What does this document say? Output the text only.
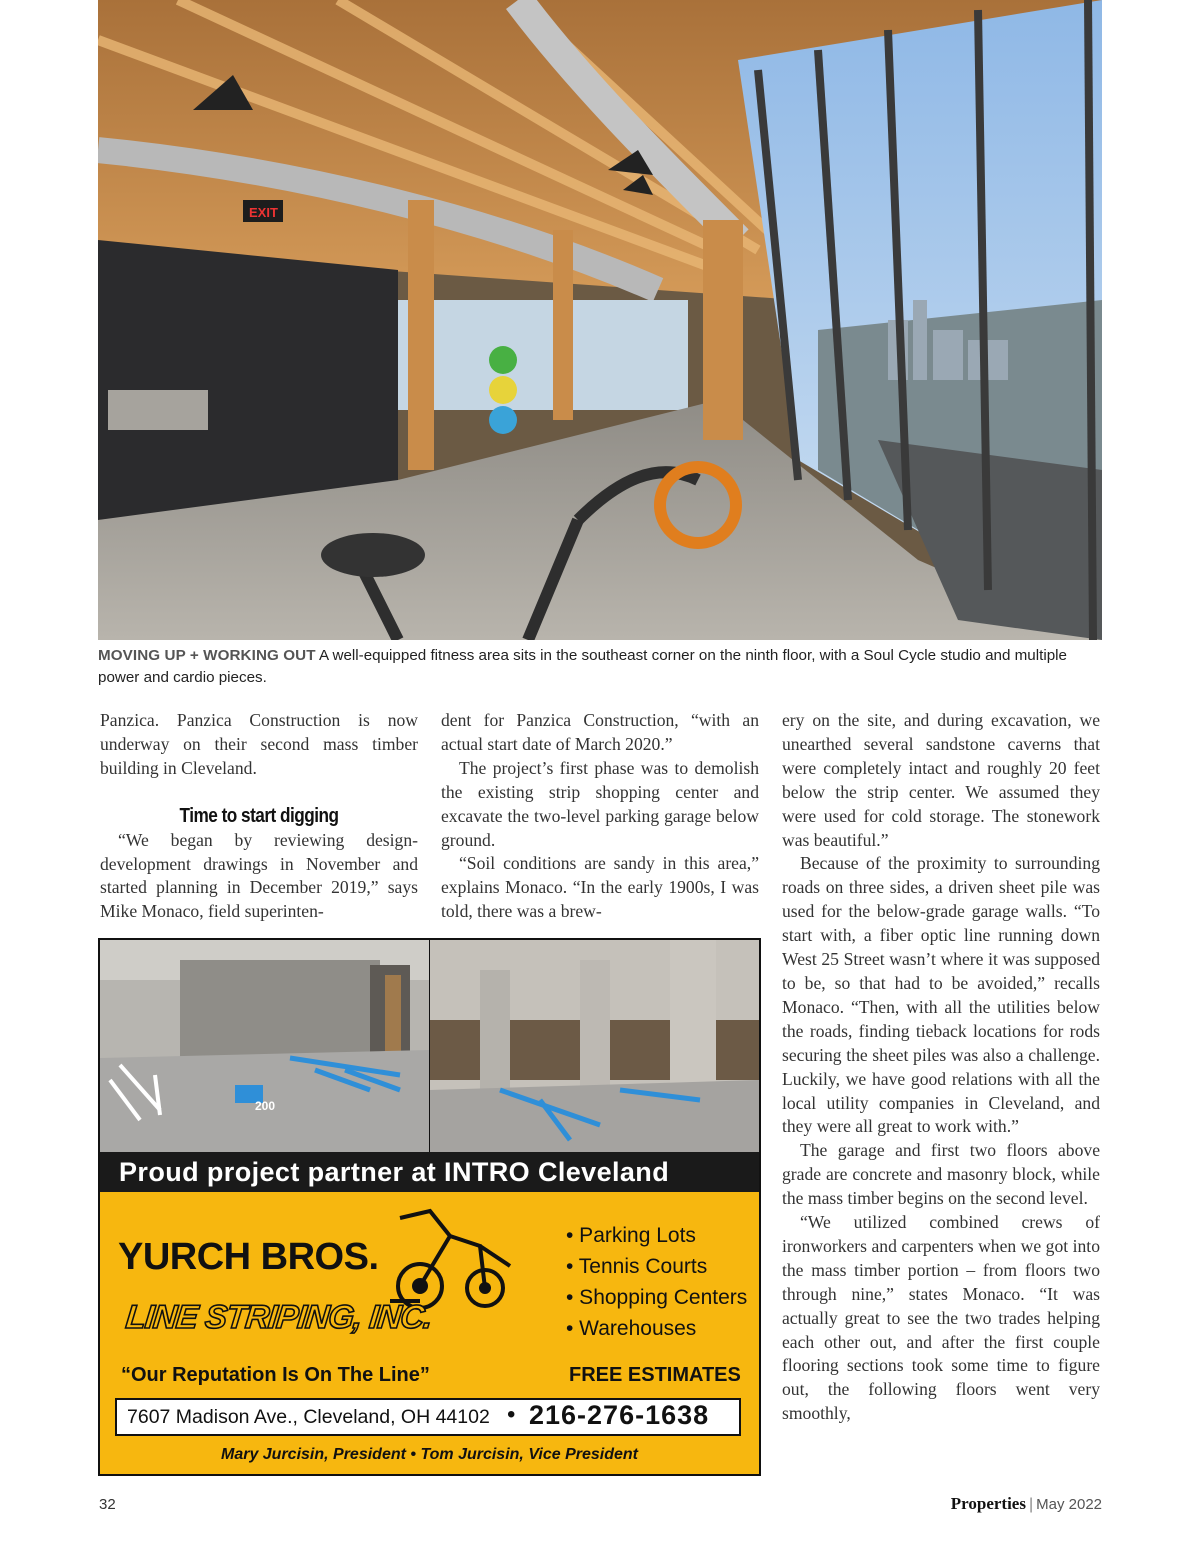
EXIT
MOVING UP + WORKING OUT A well-equipped fitness area sits in the southeast corner on the ninth floor, with a Soul Cycle studio and multiple power and cardio pieces.

Panzica. Panzica Construction is now underway on their second mass timber building in Cleveland.

Time to start digging

“We began by reviewing design-development drawings in November and started planning in December 2019,” says Mike Monaco, field superinten-

dent for Panzica Construction, “with an actual start date of March 2020.”

The project’s first phase was to demolish the existing strip shopping center and excavate the two-level parking garage below ground.

“Soil conditions are sandy in this area,” explains Monaco. “In the early 1900s, I was told, there was a brew-

ery on the site, and during excavation, we unearthed several sandstone caverns that were completely intact and roughly 20 feet below the strip center. We assumed they were used for cold storage. The stonework was beautiful.”

Because of the proximity to surrounding roads on three sides, a driven sheet pile was used for the below-grade garage walls. “To start with, a fiber optic line running down West 25 Street wasn’t where it was supposed to be, so that had to be avoided,” recalls Monaco. “Then, with all the utilities below the roads, finding tieback locations for rods securing the sheet piles was also a challenge. Luckily, we have good relations with all the local utility companies in Cleveland, and they were all great to work with.”

The garage and first two floors above grade are concrete and masonry block, while the mass timber begins on the second level.

“We utilized combined crews of ironworkers and carpenters when we got into the mass timber portion – from floors two through nine,” states Monaco. “It was actually great to see the two trades helping each other out, and after the first couple flooring sections took some time to figure out, the following floors went very smoothly,

200
Proud project partner at INTRO Cleveland
YURCH BROS.
LINE STRIPING, INC.
• Parking Lots
• Tennis Courts
• Shopping Centers
• Warehouses
“Our Reputation Is On The Line”	FREE ESTIMATES
7607 Madison Ave., Cleveland, OH 44102 • 216-276-1638
Mary Jurcisin, President • Tom Jurcisin, Vice President
32	Properties | May 2022
